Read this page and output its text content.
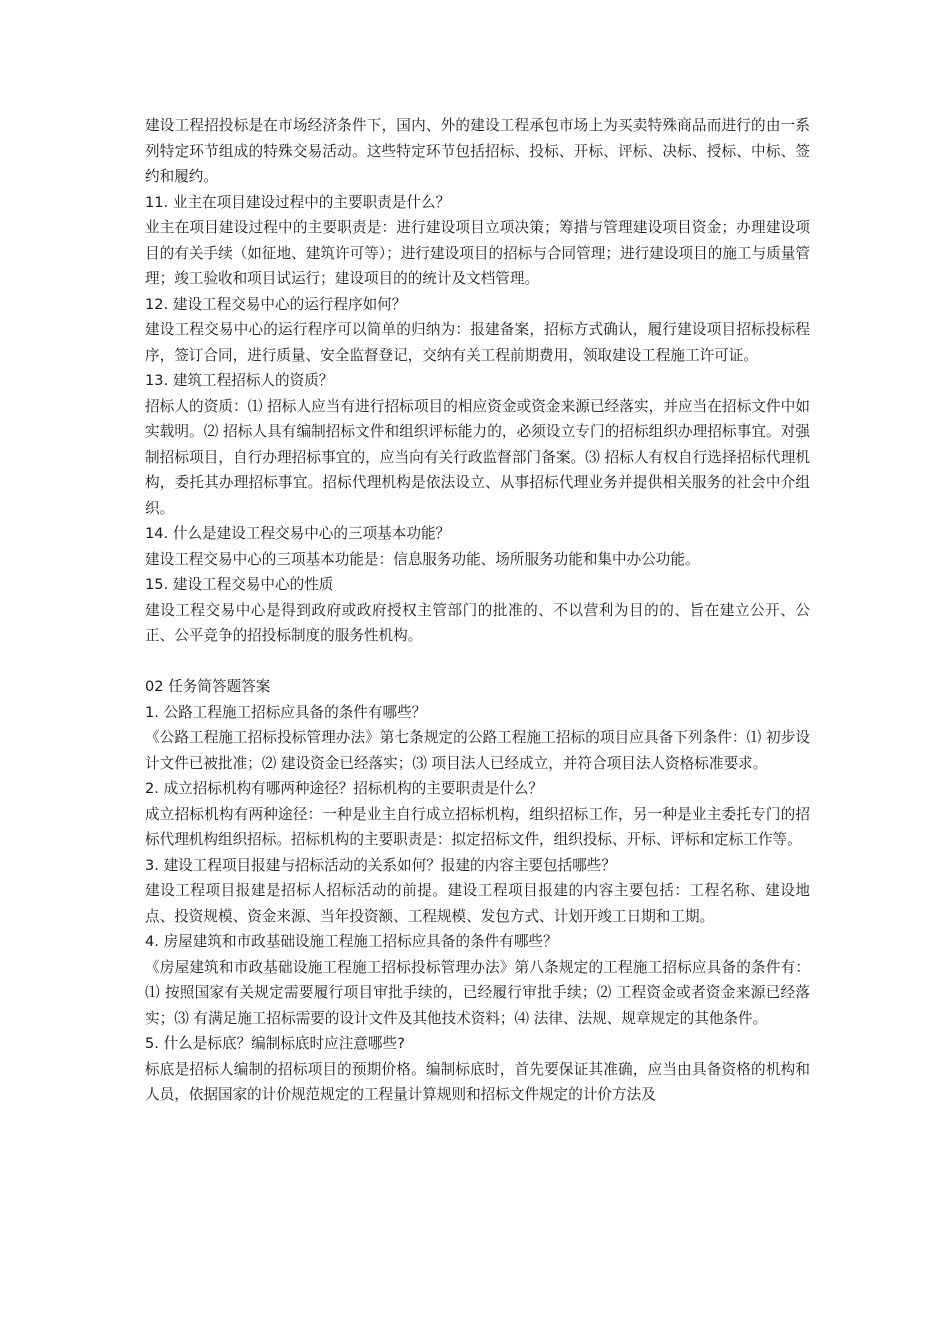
建设工程招投标是在市场经济条件下，国内、外的建设工程承包市场上为买卖特殊商品而进行的由一系列特定环节组成的特殊交易活动。这些特定环节包括招标、投标、开标、评标、决标、授标、中标、签约和履约。

11. 业主在项目建设过程中的主要职责是什么？

业主在项目建设过程中的主要职责是：进行建设项目立项决策；筹措与管理建设项目资金；办理建设项目的有关手续（如征地、建筑许可等）；进行建设项目的招标与合同管理；进行建设项目的施工与质量管理；竣工验收和项目试运行；建设项目的的统计及文档管理。

12. 建设工程交易中心的运行程序如何？

建设工程交易中心的运行程序可以简单的归纳为：报建备案，招标方式确认，履行建设项目招标投标程序，签订合同，进行质量、安全监督登记，交纳有关工程前期费用，领取建设工程施工许可证。

13. 建筑工程招标人的资质？

招标人的资质：⑴ 招标人应当有进行招标项目的相应资金或资金来源已经落实，并应当在招标文件中如实载明。⑵ 招标人具有编制招标文件和组织评标能力的，必须设立专门的招标组织办理招标事宜。对强制招标项目，自行办理招标事宜的，应当向有关行政监督部门备案。⑶ 招标人有权自行选择招标代理机构，委托其办理招标事宜。招标代理机构是依法设立、从事招标代理业务并提供相关服务的社会中介组织。

14. 什么是建设工程交易中心的三项基本功能？

建设工程交易中心的三项基本功能是：信息服务功能、场所服务功能和集中办公功能。

15. 建设工程交易中心的性质

建设工程交易中心是得到政府或政府授权主管部门的批准的、不以营利为目的的、旨在建立公开、公正、公平竞争的招投标制度的服务性机构。

02 任务简答题答案

1. 公路工程施工招标应具备的条件有哪些？

《公路工程施工招标投标管理办法》第七条规定的公路工程施工招标的项目应具备下列条件：⑴ 初步设计文件已被批准；⑵ 建设资金已经落实；⑶ 项目法人已经成立，并符合项目法人资格标准要求。

2. 成立招标机构有哪两种途径？招标机构的主要职责是什么？

成立招标机构有两种途径：一种是业主自行成立招标机构，组织招标工作，另一种是业主委托专门的招标代理机构组织招标。招标机构的主要职责是：拟定招标文件，组织投标、开标、评标和定标工作等。

3. 建设工程项目报建与招标活动的关系如何？报建的内容主要包括哪些？

建设工程项目报建是招标人招标活动的前提。建设工程项目报建的内容主要包括：工程名称、建设地点、投资规模、资金来源、当年投资额、工程规模、发包方式、计划开竣工日期和工期。

4. 房屋建筑和市政基础设施工程施工招标应具备的条件有哪些？

《房屋建筑和市政基础设施工程施工招标投标管理办法》第八条规定的工程施工招标应具备的条件有：⑴ 按照国家有关规定需要履行项目审批手续的，已经履行审批手续；⑵ 工程资金或者资金来源已经落实；⑶ 有满足施工招标需要的设计文件及其他技术资料；⑷ 法律、法规、规章规定的其他条件。

5. 什么是标底？编制标底时应注意哪些?

标底是招标人编制的招标项目的预期价格。编制标底时，首先要保证其准确，应当由具备资格的机构和人员，依据国家的计价规范规定的工程量计算规则和招标文件规定的计价方法及
